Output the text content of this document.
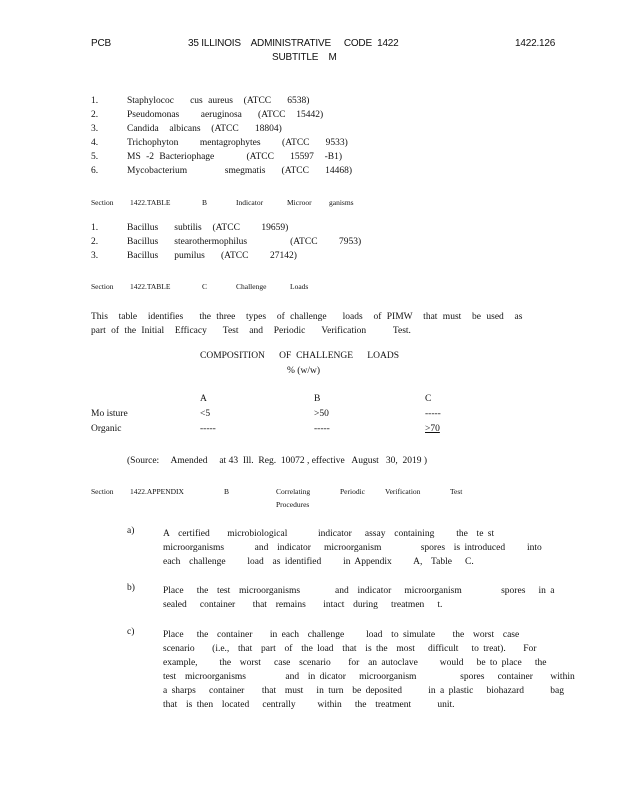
PCB	35 ILLINOIS    ADMINISTRATIVE     CODE  1422
SUBTITLE    M
1422.126
1.	Staphylococ   cus aureus  (ATCC   6538)
2.	Pseudomonas    aeruginosa   (ATCC  15442)
3.	Candida  albicans  (ATCC   18804)
4.	Trichophyton    mentagrophytes    (ATCC   9533)
5.	MS -2 Bacteriophage      (ATCC   15597  -B1)
6.	Mycobacterium       smegmatis   (ATCC   14468)
Section 1422.TABLE	B	Indicator	Microor ganisms
1.	Bacillus   subtilis  (ATCC    19659)
2.	Bacillus   stearothermophilus        (ATCC    7953)
3.	Bacillus   pumilus   (ATCC    27142)
Section 1422.TABLE	C	Challenge	Loads
This  table  identifies   the three  types  of challenge   loads  of PIMW  that must  be used  as part of the Initial  Efficacy   Test  and  Periodic   Verification     Test.
COMPOSITION      OF  CHALLENGE      LOADS
% (w/w)
A	B	C
Mo isture	<5	>50	-----
Organic	-----	-----	>70
(Source:     Amended     at 43  Ill.  Reg.  10072 , effective   August   30,  2019 )
Section 1422.APPENDIX	B	Correlating
Procedures
Periodic	Verification	Test
a)	A  certified    microbiological       indicator   assay  containing     the  te st
microorganisms       and  indicator   microorganism         spores  is introduced     into
each  challenge     load  as identified     in Appendix     A,  Table   C.
b)	Place   the  test  microorganisms        and  indicator   microorganism         spores   in a
sealed   container    that  remains    intact  during   treatmen   t.
c)	Place   the  container    in each  challenge     load  to simulate    the  worst  case
scenario    (i.e.,  that  part  of  the load  that  is the  most   difficult   to treat).    For
example,     the  worst   case  scenario    for  an autoclave     would   be to place   the
test  microorganisms         and  in dicator   microorganism          spores   container    within
a sharps   container    that  must   in turn  be deposited      in a plastic   biohazard      bag
that  is then  located   centrally     within   the  treatment      unit.
